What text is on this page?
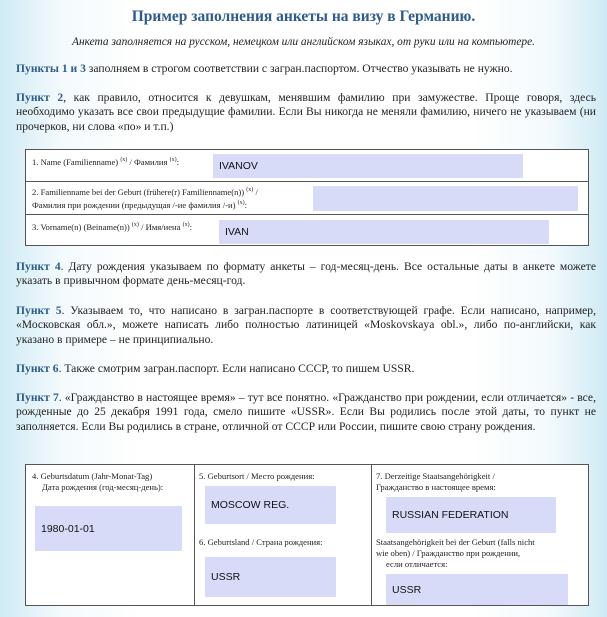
Пример заполнения анкеты на визу в Германию.
Анкета заполняется на русском, немецком или английском языках, от руки или на компьютере.
Пункты 1 и 3 заполняем в строгом соответствии с загран.паспортом. Отчество указывать не нужно.
Пункт 2, как правило, относится к девушкам, менявшим фамилию при замужестве. Проще говоря, здесь необходимо указать все свои предыдущие фамилии. Если Вы никогда не меняли фамилию, ничего не указываем (ни прочерков, ни слова «по» и т.п.)
1. Name (Familienname) $^{(x)}$ / Фамилия $^{(x)}$:	IVANOV
2. Familienname bei der Geburt (frühere(r) Familienname(n)) $^{(x)}$ /
Фамилия при рождении (предыдущая /-ие фамилия /-и) $^{(x)}$:
3. Vorname(n) (Beiname(n)) $^{(x)}$ / Имя/иена $^{(x)}$:	IVAN
Пункт 4. Дату рождения указываем по формату анкеты – год-месяц-день. Все остальные даты в анкете можете указать в привычном формате день-месяц-год.
Пункт 5. Указываем то, что написано в загран.паспорте в соответствующей графе. Если написано, например, «Московская обл.», можете написать либо полностью латиницей «Moskovskaya obl.», либо по-английски, как указано в примере – не принципиально.
Пункт 6. Также смотрим загран.паспорт. Если написано СССР, то пишем USSR.
Пункт 7. «Гражданство в настоящее время» – тут все понятно. «Гражданство при рождении, если отличается» - все, рожденные до 25 декабря 1991 года, смело пишите «USSR». Если Вы родились после этой даты, то пункт не заполняется. Если Вы родились в стране, отличной от СССР или России, пишите свою страну рождения.
4. Geburtsdatum (Jahr-Monat-Tag)
Дата рождения (год-месяц-день):
1980-01-01
5. Geburtsort / Место рождения:
MOSCOW REG.
6. Geburtsland / Страна рождения:
USSR
7. Derzeitige Staatsangehörigkeit /
Гражданство в настоящее время:
RUSSIAN FEDERATION
Staatsangehörigkeit bei der Geburt (falls nicht
wie oben) / Гражданство при рождении,
если отличается:
USSR
